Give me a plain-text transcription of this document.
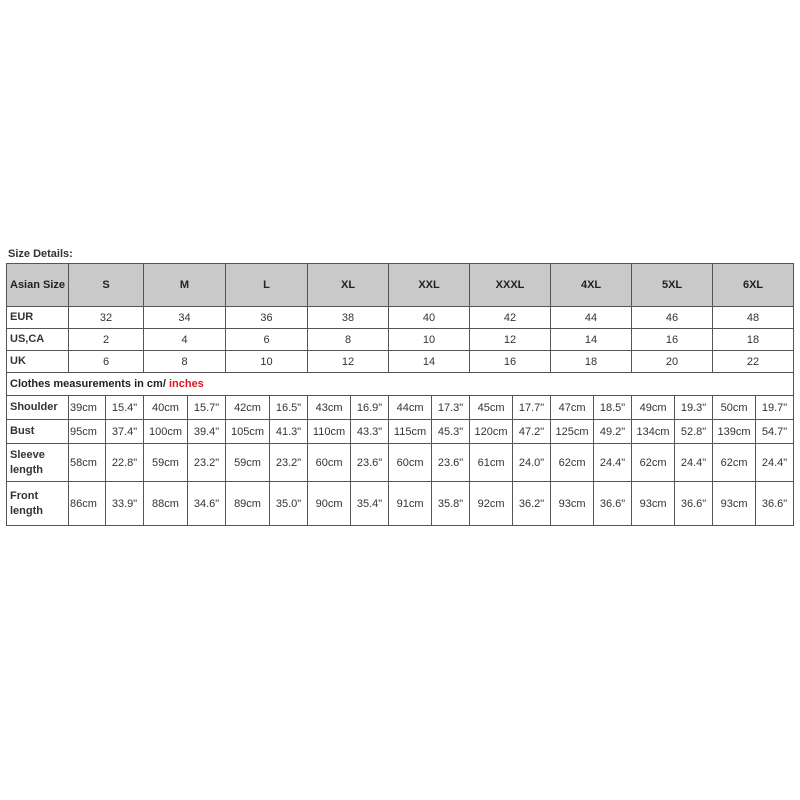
Size Details:
Asian Size	S		M		L		XL		XXL		XXXL		4XL		5XL		6XL	
EUR	32		34		36		38		40		42		44		46		48	
US,CA	2		4		6		8		10		12		14		16		18	
UK	6		8		10		12		14		16		18		20		22	
Clothes measurements in cm/ inches																		
Shoulder	39cm	15.4"	40cm	15.7"	42cm	16.5"	43cm	16.9"	44cm	17.3"	45cm	17.7"	47cm	18.5"	49cm	19.3"	50cm	19.7"
Bust	95cm	37.4"	100cm	39.4"	105cm	41.3"	110cm	43.3"	115cm	45.3"	120cm	47.2"	125cm	49.2"	134cm	52.8"	139cm	54.7"
Sleeve length	58cm	22.8"	59cm	23.2"	59cm	23.2"	60cm	23.6"	60cm	23.6"	61cm	24.0"	62cm	24.4"	62cm	24.4"	62cm	24.4"
Front length	86cm	33.9"	88cm	34.6"	89cm	35.0"	90cm	35.4"	91cm	35.8"	92cm	36.2"	93cm	36.6"	93cm	36.6"	93cm	36.6"
